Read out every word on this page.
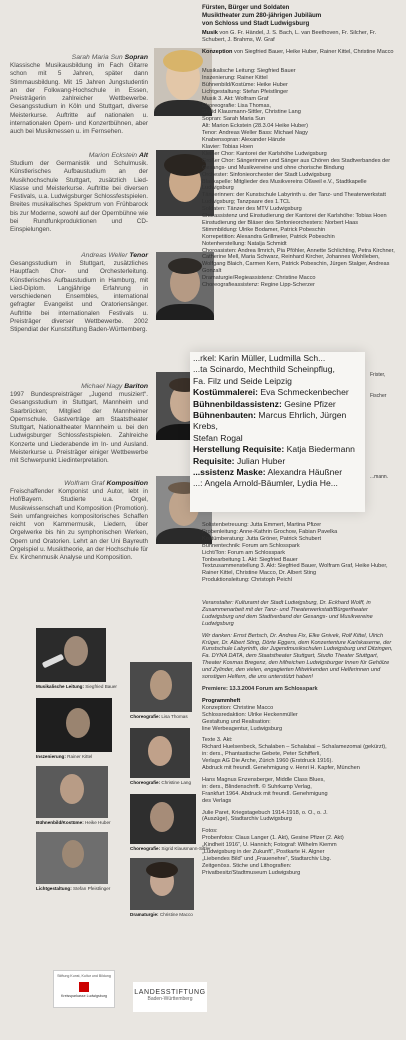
Fürsten, Bürger und Soldaten
Musiktheater zum 280-jährigen Jubiläum
von Schloss und Stadt Ludwigsburg
Sarah Maria Sun Sopran
Klassische Musikausbildung im Fach Gitarre schon mit 5 Jahren, später dann Stimmausbildung. Mit 15 Jahren Jungstudentin an der Folkwang-Hochschule in Essen, Preisträgerin zahlreicher Wettbewerbe. Gesangsstudium in Köln und Stuttgart, diverse Meisterkurse. Auftritte auf nationalen u. internationalen Opern- und Konzertbühnen, aber auch bei Musikmessen u. im Fernsehen.
Marion Eckstein Alt
Studium der Germanistik und Schulmusik. Künstlerisches Aufbaustudium an der Musikhochschule Stuttgart, zusätzlich Lied-Klasse und Meisterkurse. Auftritte bei diversen Festivals, u.a. Ludwigsburger Schlossfestspielen. Breites musikalisches Spektrum von Frühbarock bis zur Moderne, sowohl auf der Opernbühne wie bei Rundfunkproduktionen und CD-Einspielungen.
Andreas Weller Tenor
Gesangsstudium in Stuttgart, zusätzliches Hauptfach Chor- und Orchesterleitung. Künstlerisches Aufbaustudium in Hamburg, mit Lied-Diplom. Langjährige Erfahrung in verschiedenen Ensembles, international gefragter Evangelist und Oratoriensänger. Auftritte bei internationalen Festivals u. Preisträger diverser Wettbewerbe. 2002 Stipendiat der Kunststiftung Baden-Württemberg.
Michael Nagy Bariton
1997 Bundespreisträger „Jugend musiziert“. Gesangsstudium in Stuttgart, Mannheim und Saarbrücken; Mitglied der Mannheimer Opernschule. Gastverträge am Staatstheater Stuttgart, Nationaltheater Mannheim u. bei den Ludwigsburger Schlossfestspielen. Zahlreiche Konzerte und Liederabende im In- und Ausland. Meisterkurse u. Preisträger einiger Wettbewerbe mit Schwerpunkt Liedinterpretation.
Wolfram Graf Komposition
Freischaffender Komponist und Autor, lebt in Hof/Bayern. Studierte u.a. Orgel, Musikwissenschaft und Komposition (Promotion). Sein umfangreiches kompositorisches Schaffen reicht von Kammermusik, Liedern, über Orgelwerke bis hin zu symphonischen Werken, Opern und Oratorien. Lehrt an der Uni Bayreuth Orgelspiel u. Musiktheorie, an der Hochschule für Ev. Kirchenmusik Analyse und Komposition.

Musik von G. Fr. Händel, J. S. Bach, L. van Beethoven, Fr. Silcher, Fr. Schubert, J. Brahms, W. Graf

Konzeption von Siegfried Bauer, Heike Huber, Rainer Kittel, Christine Macco

Musikalische Leitung: Siegfried Bauer
Inszenierung: Rainer Kittel
Bühnenbild/Kostüme: Heike Huber
Lichtgestaltung: Stefan Pfeistlinger
Musik 3. Akt: Wolfram Graf
Choreografie: Lisa Thomas,
Sigrid Klausmann-Sittler, Christine Lang
Sopran: Sarah Maria Sun
Alt: Marion Eckstein (28.3.04 Heike Huber)
Tenor: Andreas Weller Bass: Michael Nagy
Knabensopran: Alexander Hänzle
Klavier: Tobias Hoen
Kleiner Chor: Kantorei der Karlshöhe Ludwigsburg
Großer Chor: Sängerinnen und Sänger aus Chören des Stadtverbandes der Gesangs- und Musikvereine und ohne chorische Bindung
Orchester: Sinfonieorchester der Stadt Ludwigsburg
Blaskapelle: Mitglieder des Musikvereins Oßweil e.V., Stadtkapelle Ludwigsburg
Tänzerinnen: der Kunstschule Labyrinth u. der Tanz- und Theaterwerkstatt Ludwigsburg; Tanzpaare des 1.TCL
Soldaten: Tänzer des MTV Ludwigsburg
Chorassistenz und Einstudierung der Kantorei der Karlshöhe: Tobias Hoen
Einstudierung der Bläser des Sinfonieorchesters: Norbert Haas
Stimmbildung: Ulrike Bodamer, Patrick Pobeschin
Korrepetition: Alexandra Grillmeier, Patrick Pobeschin
Notenherstellung: Natalja Schmidt
Choroasisten: Andrea Ilmrich, Pia Pföhler, Annette Schlichting, Petra Kirchner, Catherine Mell, Maria Schwarz, Reinhard Kircher, Johannes Wohlleben, Wolfgang Blaich, Carmen Kern, Patrick Pobeschin, Jürgen Stalger, Andreas Gonzalt
Dramaturgie/Regieassistenz: Christine Macco
Choreografieassistenz: Regine Lipp-Scherzer
...rkel: Karin Müller, Ludmilla Sch...
...ta Scinardo, Mechthild Scheinpflug,
Fa. Filz und Seide Leipzig
Kostümmalerei: Eva Schmeckenbecher
Bühnenbildassistenz: Gesine Pfizer
Bühnenbauten: Marcus Ehrlich, Jürgen Krebs,
Stefan Rogal
Herstellung Requisite: Katja Biedermann
Requisite: Julian Huber
...ssistenz Maske: Alexandra Häußner
...: Angela Arnold-Bäumler, Lydia He...
Frister,
Fischer
...mann.
Solistenbetreuung: Jutta Emmert, Martina Pfizer
Probenleitung: Anne-Kathrin Grochow, Fabian Pavelka
Kostümberatung: Jutta Gröner, Patrick Schubert
Bühnentechnik: Forum am Schlosspark
Licht/Ton: Forum am Schlosspark
Tonbearbeitung 1. Akt: Siegfried Bauer
Textzusammenstellung 3. Akt: Siegfried Bauer, Wolfram Graf, Heike Huber, Rainer Kittel, Christine Macco, Dr. Albert Sting
Produktionsleitung: Christoph Peichl

Veranstalter: Kulturamt der Stadt Ludwigsburg, Dr. Eckhard Wolff, in Zusammenarbeit mit der Tanz- und Theaterwerkstatt/Bürgertheater Ludwigsburg und dem Stadtverband der Gesangs- und Musikvereine Ludwigsburg

Wir danken: Ernst Bertsch, Dr. Andrea Fix, Elke Gnivek, Rolf Kittel, Ulrich Krüger, Dr. Albert Sting, Dörte Eggers, dem Konzertenture Karlskaserne, der Kunstschule Labyrinth, der Jugendmusikschulen Ludwigsburg und Ditzingen, Fa. DYNA DATA, dem Staatstheater Stuttgart, Studio Theater Stuttgart, Theater Kosmas Bregenz, den hilfreichen Ludwigsburger Innen für Gehölze und Zylinder, den vielen, engagierten Mitwirkenden und Helferinnen und sonstigen Helfern, die uns unterstützt haben!

Premiere: 13.3.2004 Forum am Schlosspark

Programmheft
Konzeption: Christine Macco
Schlossredaktion: Ulrike Heckenmüller
Gestaltung und Realisation:
line Werbeagentur, Ludwigsburg

Texte 3. Akt:
Richard Huelsenbeck, Schalaben – Schalabai – Schalamezomai (gekürzt),
in: ders., Phantastische Gebete, Peter Schifferli,
Verlags AG Die Arche, Zürich 1960 (Erstdruck 1916).
Abdruck mit freundl. Genehmigung v. Henri H. Kapfer, München

Hans Magnus Enzensberger, Middle Class Blues,
in: ders., Blindenschrift. © Suhrkamp Verlag,
Frankfurt 1964. Abdruck mit freundl. Genehmigung
des Verlags

Julie Paret, Kriegstagebuch 1914-1918, o. O., o. J.
(Auszüge), Stadtarchiv Ludwigsburg

Fotos:
Probenfotos: Claus Langer (1. Akt), Gesine Pfizer (2. Akt)
„Kindheit 1916“, U. Hannich; Fotograf: Wilhelm Kiemm
„Ludwigsburg in der Zukunft“, Postkarte H. Algner
„Liebendes Bild“ und „Frauenehre“, Stadtarchiv Lbg.
Zeitgenöss. Stiche und Lithografien:
Privatbesitz/Stadtmuseum Ludwigsburg

Musikalische Leitung: Siegfried Bauer
Choreografie: Lisa Thomas
Inszenierung: Rainer Kittel
Choreografie: Christine Lang
Bühnenbild/Kostüme: Heike Huber
Choreografie: Sigrid Klausmann-Sittler
Lichtgestaltung: Stefan Pfeistlinger
Dramaturgie: Christine Macco
Stiftung Kunst, Kultur und Bildung
Kreissparkasse Ludwigsburg	LANDESSTIFTUNG
Baden-Württemberg
